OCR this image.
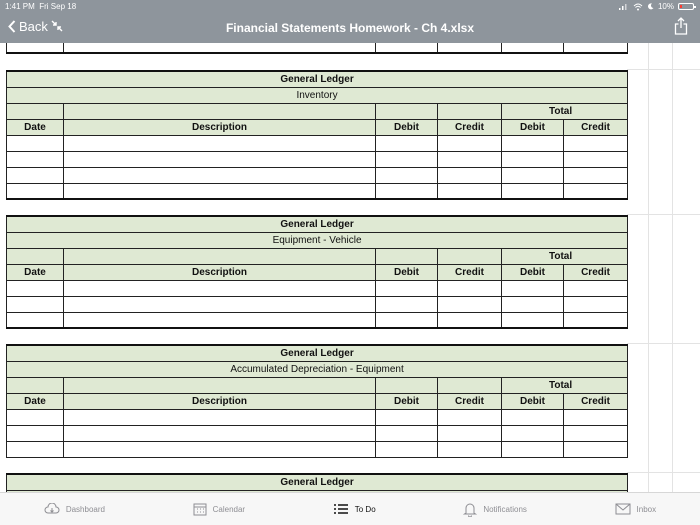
1:41 PM Fri Sep 18	10%
Back	Financial Statements Homework - Ch 4.xlsx

General Ledger					
Inventory					
				Total	
Date	Description	Debit	Credit	Debit	Credit

General Ledger					
Equipment - Vehicle					
				Total	
Date	Description	Debit	Credit	Debit	Credit

General Ledger					
Accumulated Depreciation - Equipment					
				Total	
Date	Description	Debit	Credit	Debit	Credit

General Ledger

Dashboard	Calendar	To Do	Notifications	Inbox
